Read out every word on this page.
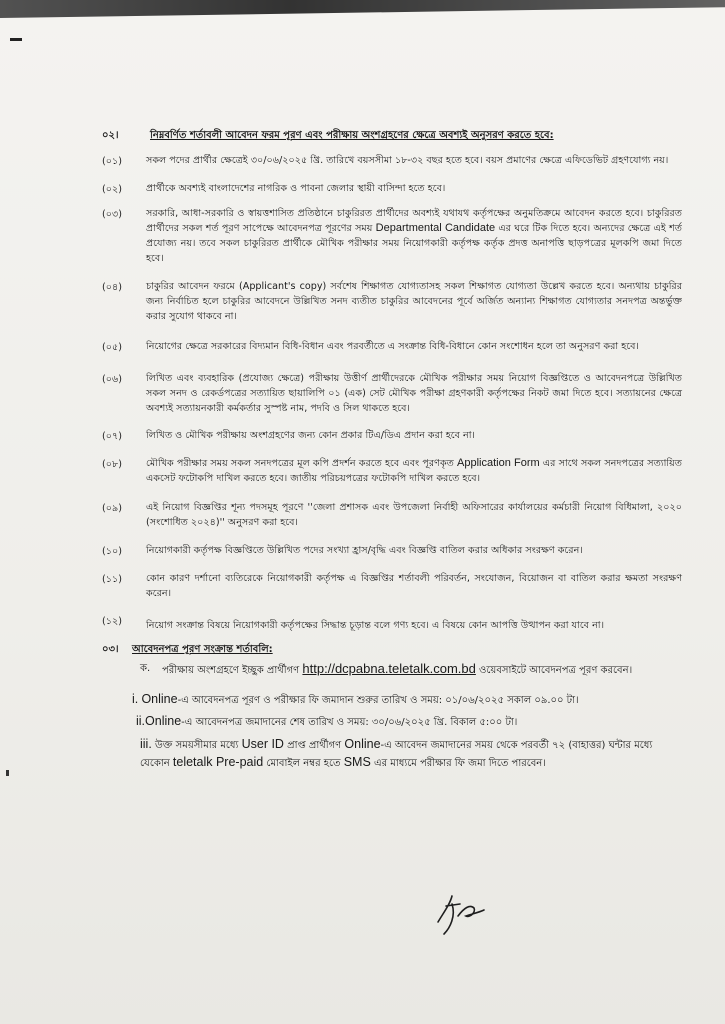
০২।	নিম্নবর্ণিত শর্তাবলী আবেদন ফরম পূরণ এবং পরীক্ষায় অংশগ্রহণের ক্ষেত্রে অবশ্যই অনুসরণ করতে হবে:
(০১)	সকল পদের প্রার্থীর ক্ষেত্রেই ৩০/০৬/২০২৫ খ্রি. তারিখে বয়সসীমা ১৮-৩২ বছর হতে হবে। বয়স প্রমাণের ক্ষেত্রে এফিডেভিট গ্রহণযোগ্য নয়।
(০২)	প্রার্থীকে অবশ্যই বাংলাদেশের নাগরিক ও পাবনা জেলার স্থায়ী বাসিন্দা হতে হবে।
(০৩)	সরকারি, আধা-সরকারি ও স্বায়ত্তশাসিত প্রতিষ্ঠানে চাকুরিরত প্রার্থীদের অবশ্যই যথাযথ কর্তৃপক্ষের অনুমতিক্রমে আবেদন করতে হবে। চাকুরিরত প্রার্থীদের সকল শর্ত পূরণ সাপেক্ষে আবেদনপত্র পূরণের সময় Departmental Candidate এর ঘরে টিক দিতে হবে। অন্যদের ক্ষেত্রে এই শর্ত প্রযোজ্য নয়। তবে সকল চাকুরিরত প্রার্থীকে মৌখিক পরীক্ষার সময় নিয়োগকারী কর্তৃপক্ষ কর্তৃক প্রদত্ত অনাপত্তি ছাড়পত্রের মূলকপি জমা দিতে হবে।
(০৪)	চাকুরির আবেদন ফরমে (Applicant's copy) সর্বশেষ শিক্ষাগত যোগ্যতাসহ সকল শিক্ষাগত যোগ্যতা উল্লেখ করতে হবে। অন্যথায় চাকুরির জন্য নির্বাচিত হলে চাকুরির আবেদনে উল্লিখিত সনদ ব্যতীত চাকুরির আবেদনের পূর্বে অর্জিত অন্যান্য শিক্ষাগত যোগ্যতার সনদপত্র অন্তর্ভুক্ত করার সুযোগ থাকবে না।
(০৫)	নিয়োগের ক্ষেত্রে সরকারের বিদ্যমান বিধি-বিধান এবং পরবর্তীতে এ সংক্রান্ত বিধি-বিধানে কোন সংশোধন হলে তা অনুসরণ করা হবে।
(০৬)	লিখিত এবং ব্যবহারিক (প্রযোজ্য ক্ষেত্রে) পরীক্ষায় উত্তীর্ণ প্রার্থীদেরকে মৌখিক পরীক্ষার সময় নিয়োগ বিজ্ঞপ্তিতে ও আবেদনপত্রে উল্লিখিত সকল সনদ ও রেকর্ডপত্রের সত্যায়িত ছায়ালিপি ০১ (এক) সেট মৌখিক পরীক্ষা গ্রহণকারী কর্তৃপক্ষের নিকট জমা দিতে হবে। সত্যায়নের ক্ষেত্রে অবশ্যই সত্যায়নকারী কর্মকর্তার সুস্পষ্ট নাম, পদবি ও সিল থাকতে হবে।
(০৭)	লিখিত ও মৌখিক পরীক্ষায় অংশগ্রহণের জন্য কোন প্রকার টিএ/ডিএ প্রদান করা হবে না।
(০৮)	মৌখিক পরীক্ষার সময় সকল সনদপত্রের মূল কপি প্রদর্শন করতে হবে এবং পূরণকৃত Application Form এর সাথে সকল সনদপত্রের সত্যায়িত একসেট ফটোকপি দাখিল করতে হবে। জাতীয় পরিচয়পত্রের ফটোকপি দাখিল করতে হবে।
(০৯)	এই নিয়োগ বিজ্ঞপ্তির শূন্য পদসমূহ পূরণে ''জেলা প্রশাসক এবং উপজেলা নির্বাহী অফিসারের কার্যালয়ের কর্মচারী নিয়োগ বিধিমালা, ২০২০ (সংশোধিত ২০২৪)'' অনুসরণ করা হবে।
(১০)	নিয়োগকারী কর্তৃপক্ষ বিজ্ঞপ্তিতে উল্লিখিত পদের সংখ্যা হ্রাস/বৃদ্ধি এবং বিজ্ঞপ্তি বাতিল করার অধিকার সংরক্ষণ করেন।
(১১)	কোন কারণ দর্শানো ব্যতিরেকে নিয়োগকারী কর্তৃপক্ষ এ বিজ্ঞপ্তির শর্তাবলী পরিবর্তন, সংযোজন, বিয়োজন বা বাতিল করার ক্ষমতা সংরক্ষণ করেন।
(১২)	নিয়োগ সংক্রান্ত বিষয়ে নিয়োগকারী কর্তৃপক্ষের সিদ্ধান্ত চূড়ান্ত বলে গণ্য হবে। এ বিষয়ে কোন আপত্তি উত্থাপন করা যাবে না।
০৩।	আবেদনপত্র পূরণ সংক্রান্ত শর্তাবলি:
ক.	পরীক্ষায় অংশগ্রহণে ইচ্ছুক প্রার্থীগণ http://dcpabna.teletalk.com.bd ওয়েবসাইটে আবেদনপত্র পূরণ করবেন।
i. Online-এ আবেদনপত্র পূরণ ও পরীক্ষার ফি জমাদান শুরুর তারিখ ও সময়: ০১/০৬/২০২৫ সকাল ০৯.০০ টা।
ii.Online-এ আবেদনপত্র জমাদানের শেষ তারিখ ও সময়: ৩০/০৬/২০২৫ খ্রি. বিকাল ৫:০০ টা।
iii. উক্ত সময়সীমার মধ্যে User ID প্রাপ্ত প্রার্থীগণ Online-এ আবেদন জমাদানের সময় থেকে পরবর্তী ৭২ (বাহাত্তর) ঘন্টার মধ্যে যেকোন teletalk Pre-paid মোবাইল নম্বর হতে SMS এর মাধ্যমে পরীক্ষার ফি জমা দিতে পারবেন।
